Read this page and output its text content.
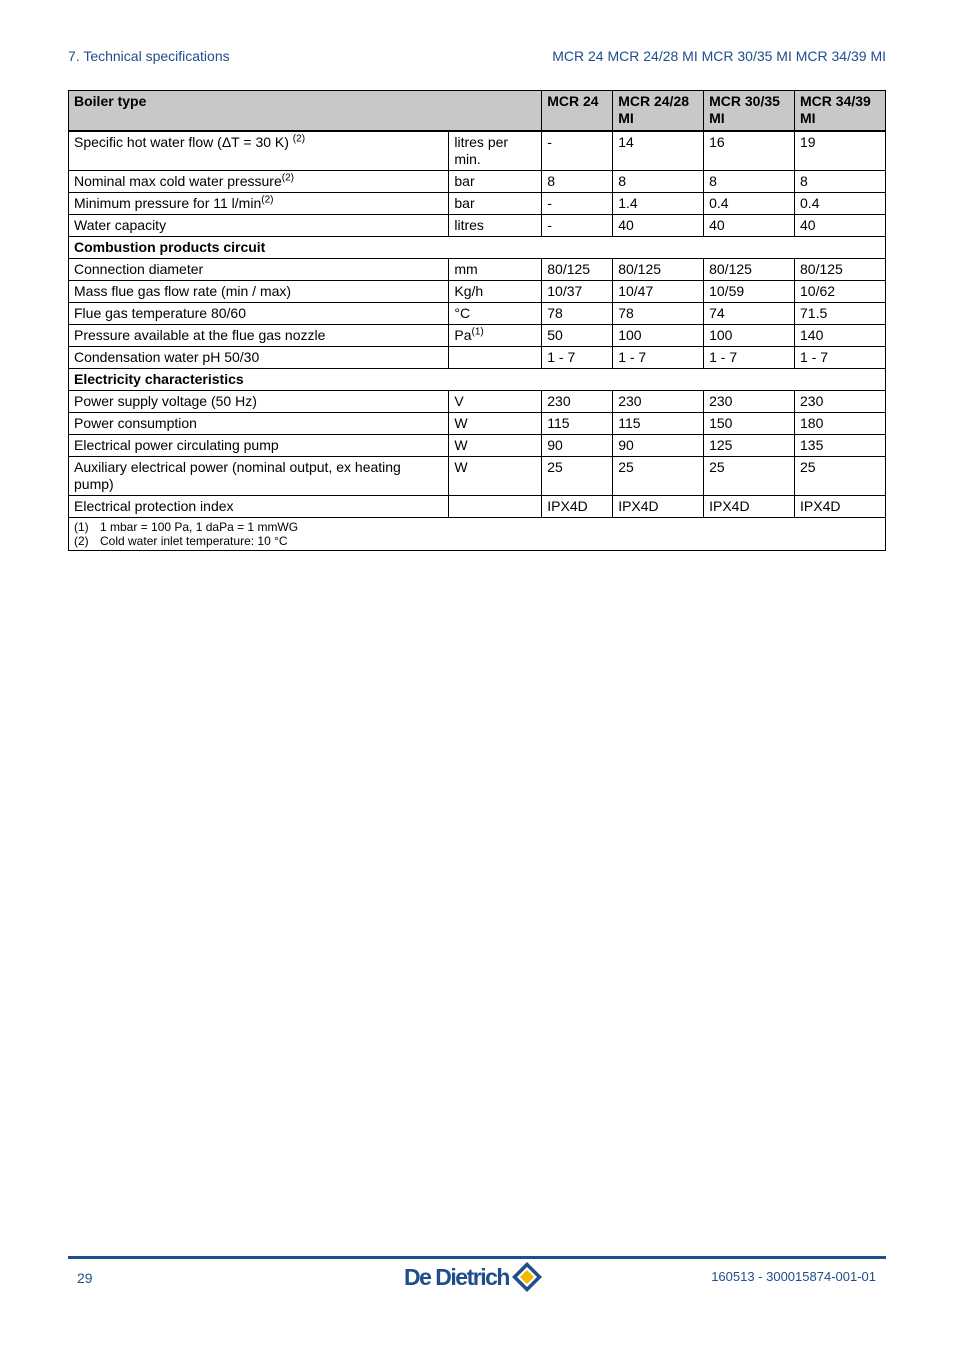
7. Technical specifications	MCR 24 MCR 24/28 MI MCR 30/35 MI MCR 34/39 MI
Boiler type		MCR 24	MCR 24/28 MI	MCR 30/35 MI	MCR 34/39 MI
Specific hot water flow (ΔT = 30 K) $^{(2)}$	litres per min.	-	14	16	19
Nominal max cold water pressure$^{(2)}$	bar	8	8	8	8
Minimum pressure for 11 $l/\min^{(2)}$	bar	-	1.4	0.4	0.4
Water capacity	litres	-	40	40	40
Combustion products circuit					
Connection diameter	mm	80/125	80/125	80/125	80/125
Mass flue gas flow rate (min / max)	Kg/h	10/37	10/47	10/59	10/62
Flue gas temperature 80/60	°C	78	78	74	71.5
Pressure available at the flue gas nozzle	Pa$^{(1)}$	50	100	100	140
Condensation water pH 50/30		1 - 7	1 - 7	1 - 7	1 - 7
Electricity characteristics					
Power supply voltage (50 Hz)	V	230	230	230	230
Power consumption	W	115	115	150	180
Electrical power circulating pump	W	90	90	125	135
Auxiliary electrical power (nominal output, ex heating pump)	W	25	25	25	25
Electrical protection index		IPX4D	IPX4D	IPX4D	IPX4D

(1) 1 mbar = 100 Pa, 1 daPa = 1 mmWG
(2) Cold water inlet temperature: 10 °C					
29	De Dietrich	160513 - 300015874-001-01
